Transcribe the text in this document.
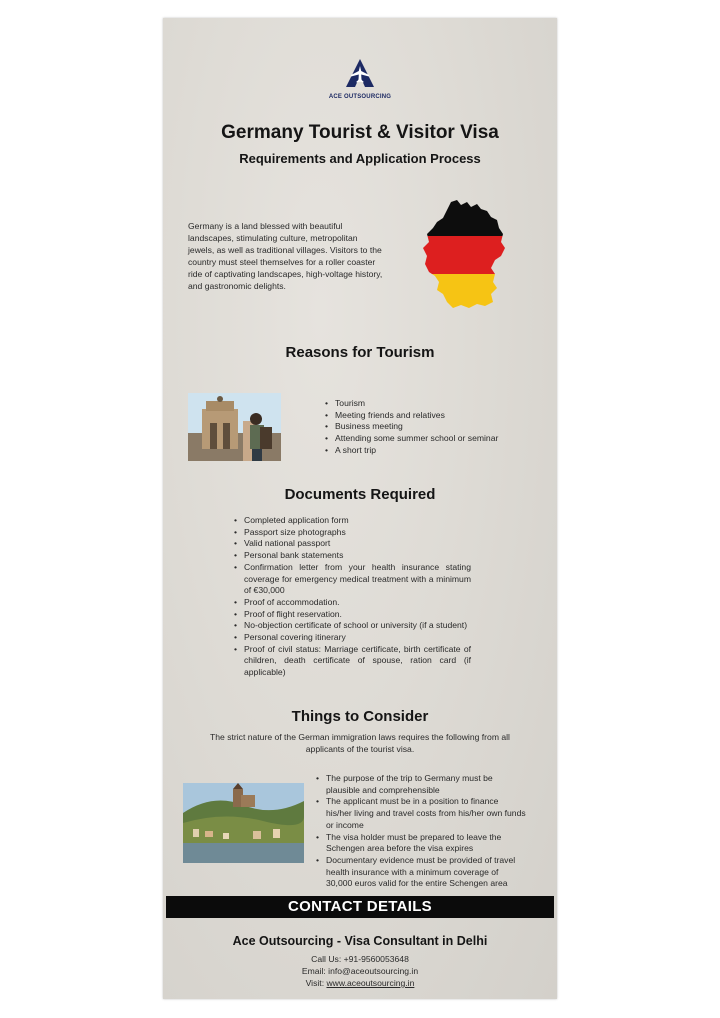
ACE OUTSOURCING
Germany Tourist & Visitor Visa
Requirements and Application Process
Germany is a land blessed with beautiful
landscapes, stimulating culture, metropolitan
jewels, as well as traditional villages. Visitors to the
country must steel themselves for a roller coaster
ride of captivating landscapes, high-voltage history,
and gastronomic delights.
Reasons for Tourism
• Tourism
• Meeting friends and relatives
• Business meeting
• Attending some summer school or seminar
• A short trip
Documents Required
• Completed application form
• Passport size photographs
• Valid national passport
• Personal bank statements
• Confirmation letter from your health insurance stating coverage for emergency medical treatment with a minimum of €30,000
• Proof of accommodation.
• Proof of flight reservation.
• No-objection certificate of school or university (if a student)
• Personal covering itinerary
• Proof of civil status: Marriage certificate, birth certificate of children, death certificate of spouse, ration card (if applicable)
Things to Consider
The strict nature of the German immigration laws requires the following from all applicants of the tourist visa.
• The purpose of the trip to Germany must be plausible and comprehensible
• The applicant must be in a position to finance his/her living and travel costs from his/her own funds or income
• The visa holder must be prepared to leave the Schengen area before the visa expires
• Documentary evidence must be provided of travel health insurance with a minimum coverage of 30,000 euros valid for the entire Schengen area
CONTACT DETAILS
Ace Outsourcing - Visa Consultant in Delhi
Call Us: +91-9560053648
Email: info@aceoutsourcing.in
Visit: www.aceoutsourcing.in
